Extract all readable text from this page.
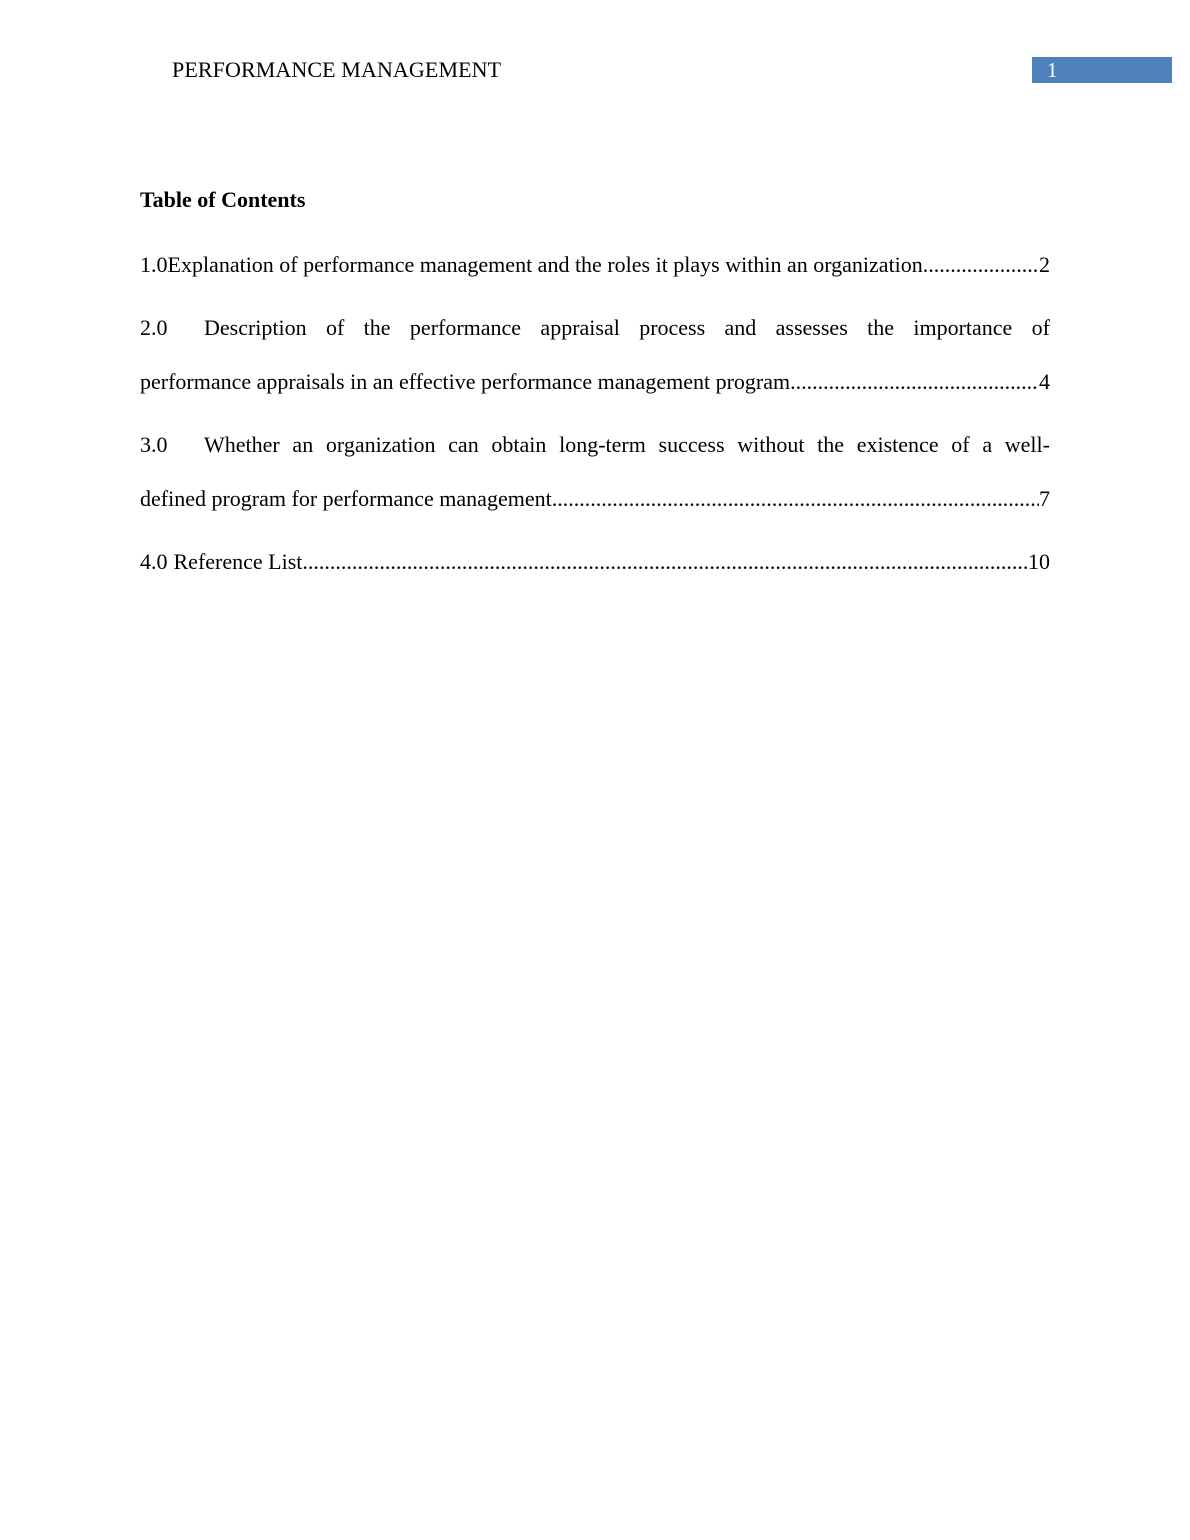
PERFORMANCE MANAGEMENT	1
Table of Contents
1.0 Explanation of performance management and the roles it plays within an organization. .....	2
2.0	Description of the performance appraisal process and assesses the importance of
performance appraisals in an effective performance management program. .....	4
3.0	Whether an organization can obtain long-term success without the existence of a well-
defined program for performance management. .....	7
4.0 Reference List .....	10
